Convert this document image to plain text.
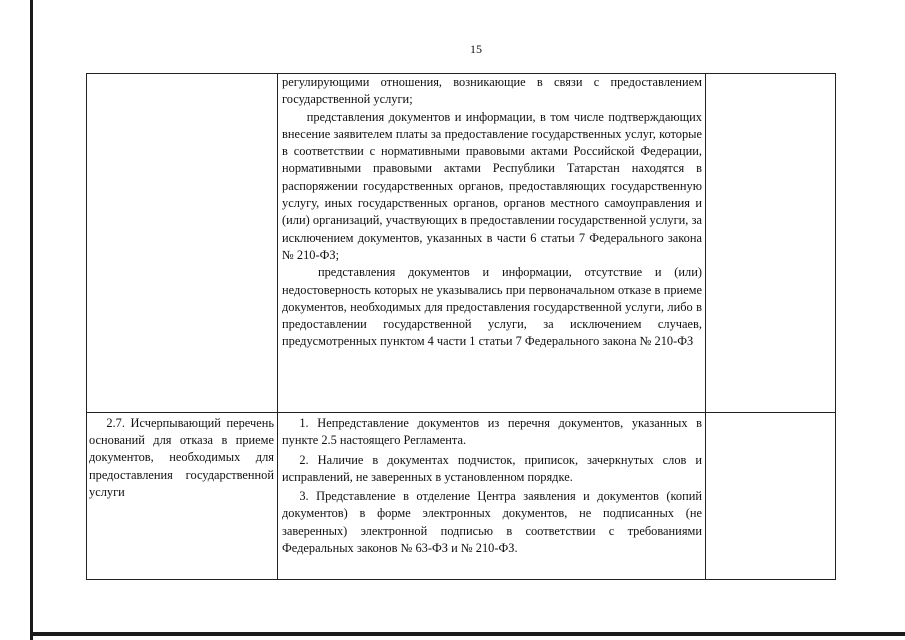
15

	регулирующими отношения, возникающие в связи с предоставлением государственной услуги;

представления документов и информации, в том числе подтверждающих внесение заявителем платы за предоставление государственных услуг, которые в соответствии с нормативными правовыми актами Российской Федерации, нормативными правовыми актами Республики Татарстан находятся в распоряжении государственных органов, предоставляющих государственную услугу, иных государственных органов, органов местного самоуправления и (или) организаций, участвующих в предоставлении государственной услуги, за исключением документов, указанных в части 6 статьи 7 Федерального закона № 210-ФЗ;

представления документов и информации, отсутствие и (или) недостоверность которых не указывались при первоначальном отказе в приеме документов, необходимых для предоставления государственной услуги, либо в предоставлении государственной услуги, за исключением случаев, предусмотренных пунктом 4 части 1 статьи 7 Федерального закона № 210-ФЗ	

2.7. Исчерпывающий перечень оснований для отказа в приеме документов, необходимых для предоставления государственной услуги	1. Непредставление документов из перечня документов, указанных в пункте 2.5 настоящего Регламента.

2. Наличие в документах подчисток, приписок, зачеркнутых слов и исправлений, не заверенных в установленном порядке.

3. Представление в отделение Центра заявления и документов (копий документов) в форме электронных документов, не подписанных (не заверенных) электронной подписью в соответствии с требованиями Федеральных законов № 63-ФЗ и № 210-ФЗ.	
